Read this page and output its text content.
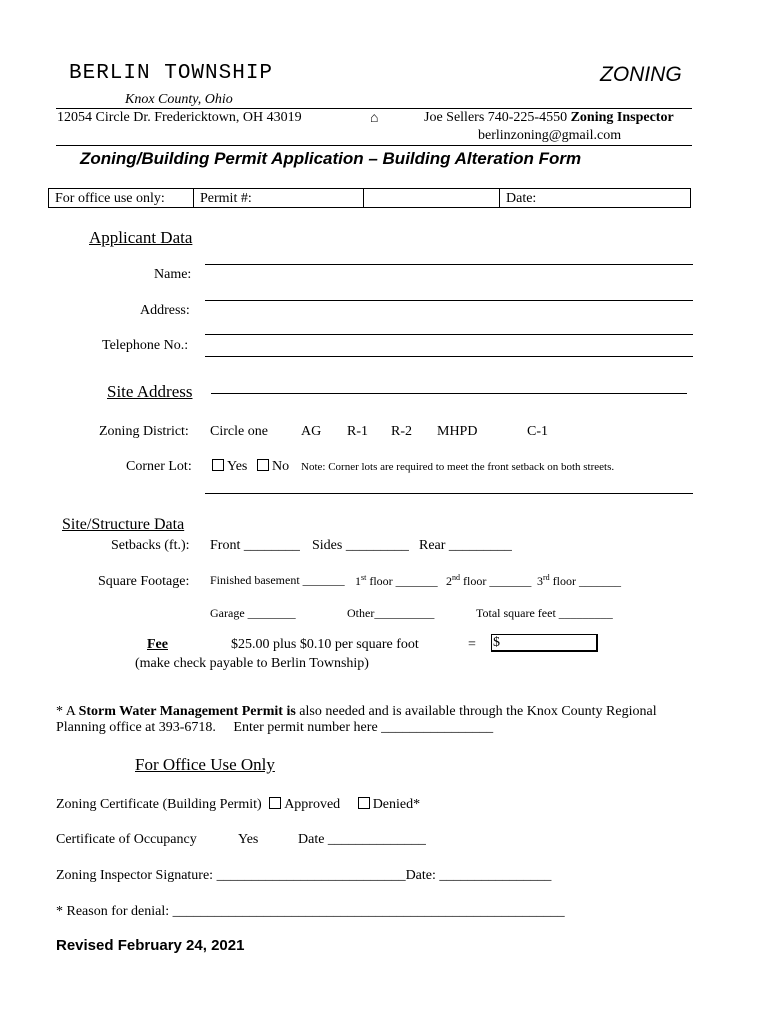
BERLIN TOWNSHIP	ZONING
Knox County, Ohio
12054 Circle Dr. Fredericktown, OH 43019	⌂	Joe Sellers 740-225-4550 Zoning Inspector
berlinzoning@gmail.com
Zoning/Building Permit Application – Building Alteration Form
For office use only:	Permit #:	Date:
Applicant Data
Name:
Address:
Telephone No.:
Site Address
Zoning District: Circle one AG R-1 R-2 MHPD	C-1
Corner Lot:	Yes	No Note: Corner lots are required to meet the front setback on both streets.
Site/Structure Data
Setbacks (ft.): Front ________ Sides _________ Rear _________
Square Footage: Finished basement _______ 1st floor _______ 2nd floor _______ 3rd floor _______
Garage ________	Other__________	Total square feet _________
Fee	$25.00 plus $0.10 per square foot	= $
(make check payable to Berlin Township)
* A Storm Water Management Permit is also needed and is available through the Knox County Regional
Planning office at 393-6718.     Enter permit number here ________________
For Office Use Only
Zoning Certificate (Building Permit) Approved Denied*
Certificate of Occupancy	Yes	Date ______________
Zoning Inspector Signature: ___________________________Date: ________________
* Reason for denial: ________________________________________________________
Revised February 24, 2021
